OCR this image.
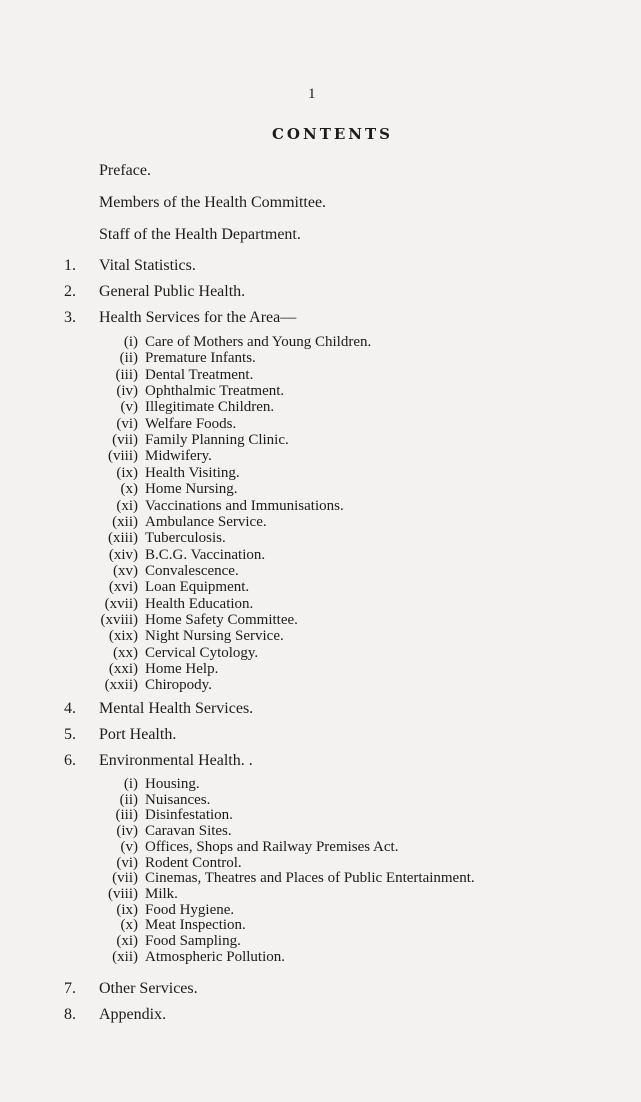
1
CONTENTS
Preface.
Members of the Health Committee.
Staff of the Health Department.
1.	Vital Statistics.
2.	General Public Health.
3.	Health Services for the Area—
(i) Care of Mothers and Young Children.
(ii) Premature Infants.
(iii) Dental Treatment.
(iv) Ophthalmic Treatment.
(v) Illegitimate Children.
(vi) Welfare Foods.
(vii) Family Planning Clinic.
(viii) Midwifery.
(ix) Health Visiting.
(x) Home Nursing.
(xi) Vaccinations and Immunisations.
(xii) Ambulance Service.
(xiii) Tuberculosis.
(xiv) B.C.G. Vaccination.
(xv) Convalescence.
(xvi) Loan Equipment.
(xvii) Health Education.
(xviii) Home Safety Committee.
(xix) Night Nursing Service.
(xx) Cervical Cytology.
(xxi) Home Help.
(xxii) Chiropody.
4.	Mental Health Services.
5.	Port Health.
6.	Environmental Health. .
(i) Housing.
(ii) Nuisances.
(iii) Disinfestation.
(iv) Caravan Sites.
(v) Offices, Shops and Railway Premises Act.
(vi) Rodent Control.
(vii) Cinemas, Theatres and Places of Public Entertainment.
(viii) Milk.
(ix) Food Hygiene.
(x) Meat Inspection.
(xi) Food Sampling.
(xii) Atmospheric Pollution.
7.	Other Services.
8.	Appendix.
